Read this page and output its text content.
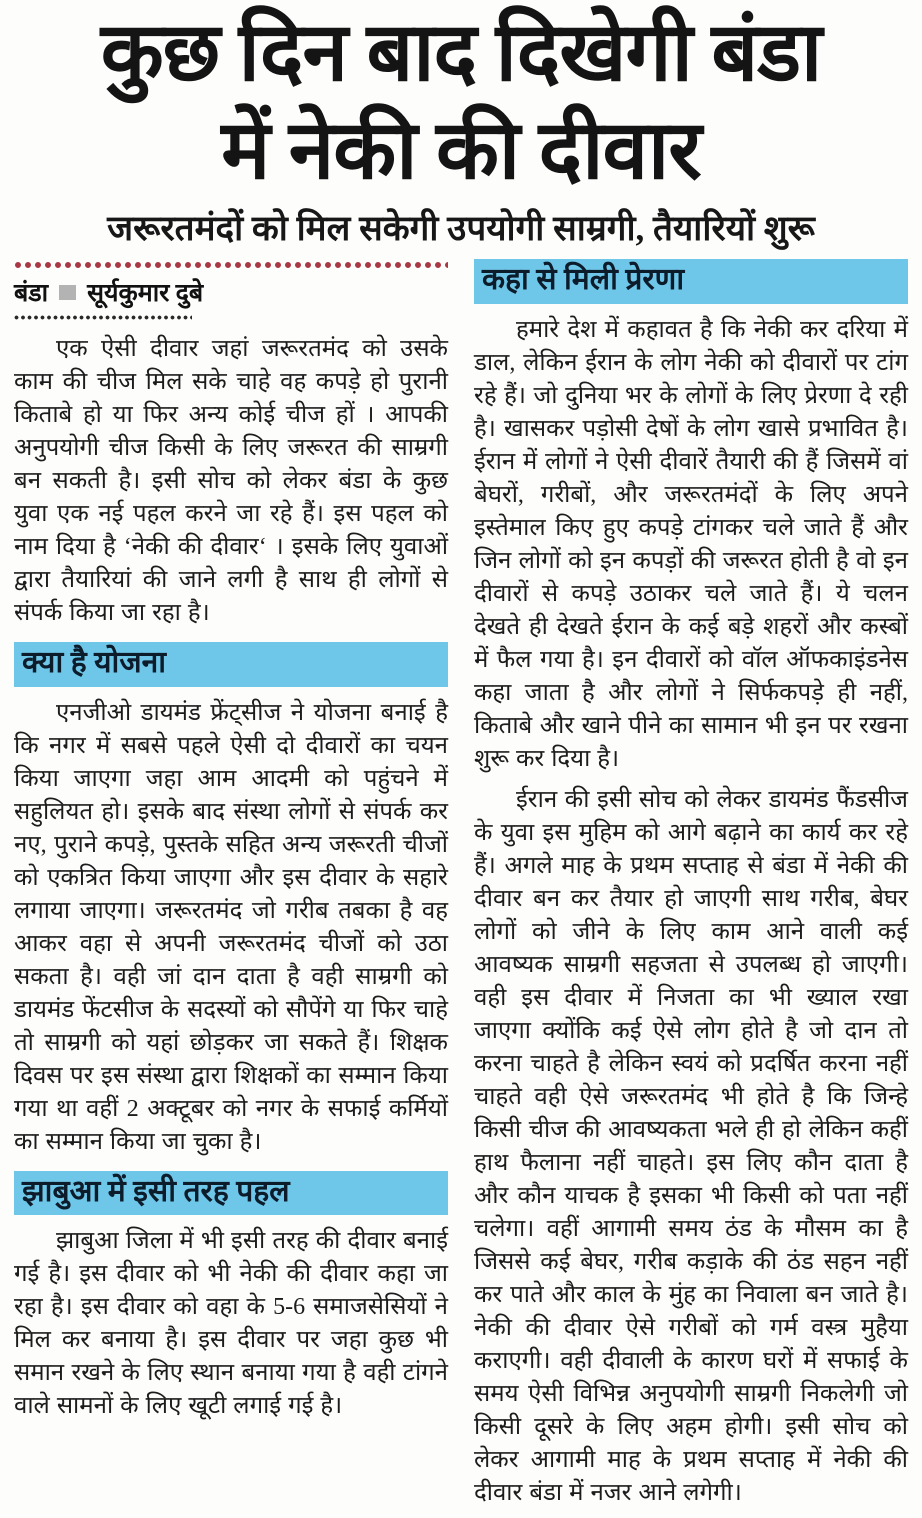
कुछ दिन बाद दिखेगी बंडा
में नेकी की दीवार
जरूरतमंदों को मिल सकेगी उपयोगी साम्रगी, तैयारियों शुरू
बंडा सूर्यकुमार दुबे

एक ऐसी दीवार जहां जरूरतमंद को उसके काम की चीज मिल सके चाहे वह कपड़े हो पुरानी किताबे हो या फिर अन्य कोई चीज हों । आपकी अनुपयोगी चीज किसी के लिए जरूरत की साम्रगी बन सकती है। इसी सोच को लेकर बंडा के कुछ युवा एक नई पहल करने जा रहे हैं। इस पहल को नाम दिया है ‘नेकी की दीवार‘ । इसके लिए युवाओं द्वारा तैयारियां की जाने लगी है साथ ही लोगों से संपर्क किया जा रहा है।

क्या है योजना

एनजीओ डायमंड फ्रेंट्सीज ने योजना बनाई है कि नगर में सबसे पहले ऐसी दो दीवारों का चयन किया जाएगा जहा आम आदमी को पहुंचने में सहुलियत हो। इसके बाद संस्था लोगों से संपर्क कर नए, पुराने कपड़े, पुस्तके सहित अन्य जरूरती चीजों को एकत्रित किया जाएगा और इस दीवार के सहारे लगाया जाएगा। जरूरतमंद जो गरीब तबका है वह आकर वहा से अपनी जरूरतमंद चीजों को उठा सकता है। वही जां दान दाता है वही साम्रगी को डायमंड फेंटसीज के सदस्यों को सौपेंगे या फिर चाहे तो साम्रगी को यहां छोड़कर जा सकते हैं। शिक्षक दिवस पर इस संस्था द्वारा शिक्षकों का सम्मान किया गया था वहीं 2 अक्टूबर को नगर के सफाई कर्मियों का सम्मान किया जा चुका है।

झाबुआ में इसी तरह पहल

झाबुआ जिला में भी इसी तरह की दीवार बनाई गई है। इस दीवार को भी नेकी की दीवार कहा जा रहा है। इस दीवार को वहा के 5-6 समाजसेसियों ने मिल कर बनाया है। इस दीवार पर जहा कुछ भी समान रखने के लिए स्थान बनाया गया है वही टांगने वाले सामनों के लिए खूटी लगाई गई है।

कहा से मिली प्रेरणा

हमारे देश में कहावत है कि नेकी कर दरिया में डाल, लेकिन ईरान के लोग नेकी को दीवारों पर टांग रहे हैं। जो दुनिया भर के लोगों के लिए प्रेरणा दे रही है। खासकर पड़ोसी देषों के लोग खासे प्रभावित है। ईरान में लोगों ने ऐसी दीवारें तैयारी की हैं जिसमें वां बेघरों, गरीबों, और जरूरतमंदों के लिए अपने इस्तेमाल किए हुए कपड़े टांगकर चले जाते हैं और जिन लोगों को इन कपड़ों की जरूरत होती है वो इन दीवारों से कपड़े उठाकर चले जाते हैं। ये चलन देखते ही देखते ईरान के कई बड़े शहरों और कस्बों में फैल गया है। इन दीवारों को वॉल ऑफकाइंडनेस कहा जाता है और लोगों ने सिर्फकपड़े ही नहीं, किताबे और खाने पीने का सामान भी इन पर रखना शुरू कर दिया है।

ईरान की इसी सोच को लेकर डायमंड फैंडसीज के युवा इस मुहिम को आगे बढ़ाने का कार्य कर रहे हैं। अगले माह के प्रथम सप्ताह से बंडा में नेकी की दीवार बन कर तैयार हो जाएगी साथ गरीब, बेघर लोगों को जीने के लिए काम आने वाली कई आवष्यक साम्रगी सहजता से उपलब्ध हो जाएगी। वही इस दीवार में निजता का भी ख्याल रखा जाएगा क्योंकि कई ऐसे लोग होते है जो दान तो करना चाहते है लेकिन स्वयं को प्रदर्षित करना नहीं चाहते वही ऐसे जरूरतमंद भी होते है कि जिन्हे किसी चीज की आवष्यकता भले ही हो लेकिन कहीं हाथ फैलाना नहीं चाहते। इस लिए कौन दाता है और कौन याचक है इसका भी किसी को पता नहीं चलेगा। वहीं आगामी समय ठंड के मौसम का है जिससे कई बेघर, गरीब कड़ाके की ठंड सहन नहीं कर पाते और काल के मुंह का निवाला बन जाते है। नेकी की दीवार ऐसे गरीबों को गर्म वस्त्र मुहैया कराएगी। वही दीवाली के कारण घरों में सफाई के समय ऐसी विभिन्न अनुपयोगी साम्रगी निकलेगी जो किसी दूसरे के लिए अहम होगी। इसी सोच को लेकर आगामी माह के प्रथम सप्ताह में नेकी की दीवार बंडा में नजर आने लगेगी।
